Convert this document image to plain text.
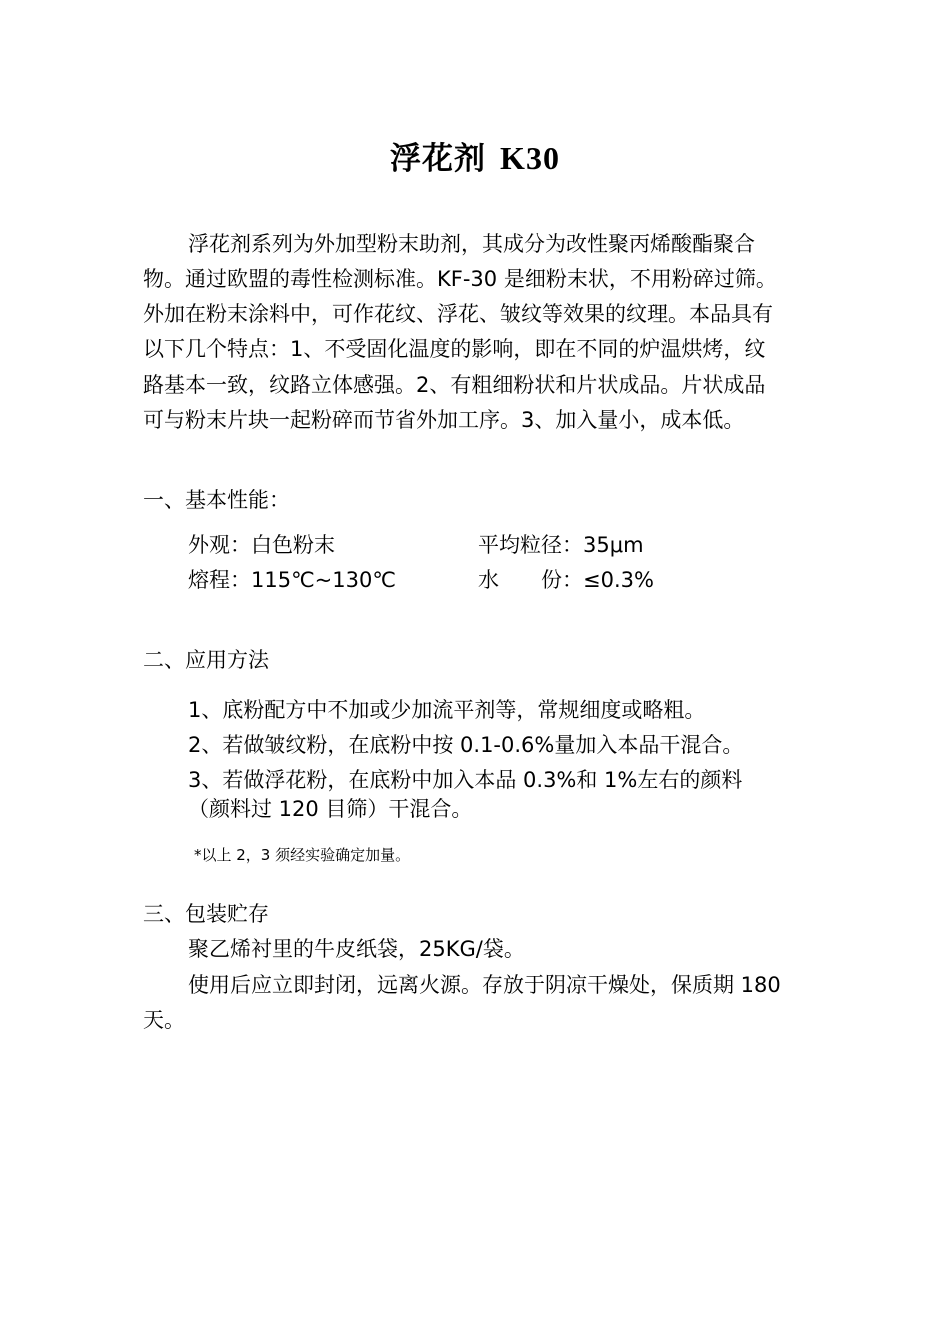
浮花剂 K30
浮花剂系列为外加型粉末助剂，其成分为改性聚丙烯酸酯聚合
物。通过欧盟的毒性检测标准。KF-30 是细粉末状，不用粉碎过筛。
外加在粉末涂料中，可作花纹、浮花、皱纹等效果的纹理。本品具有
以下几个特点：1、不受固化温度的影响，即在不同的炉温烘烤，纹
路基本一致，纹路立体感强。2、有粗细粉状和片状成品。片状成品
可与粉末片块一起粉碎而节省外加工序。3、加入量小，成本低。
一、基本性能：
外观：白色粉末	平均粒径：35μm
熔程：115℃~130℃	水　　份：≤0.3%
二、应用方法
1、底粉配方中不加或少加流平剂等，常规细度或略粗。
2、若做皱纹粉，在底粉中按 0.1-0.6%量加入本品干混合。
3、若做浮花粉，在底粉中加入本品 0.3%和 1%左右的颜料
（颜料过 120 目筛）干混合。
*以上 2，3 须经实验确定加量。
三、包装贮存
聚乙烯衬里的牛皮纸袋，25KG/袋。
使用后应立即封闭，远离火源。存放于阴凉干燥处，保质期 180
天。
